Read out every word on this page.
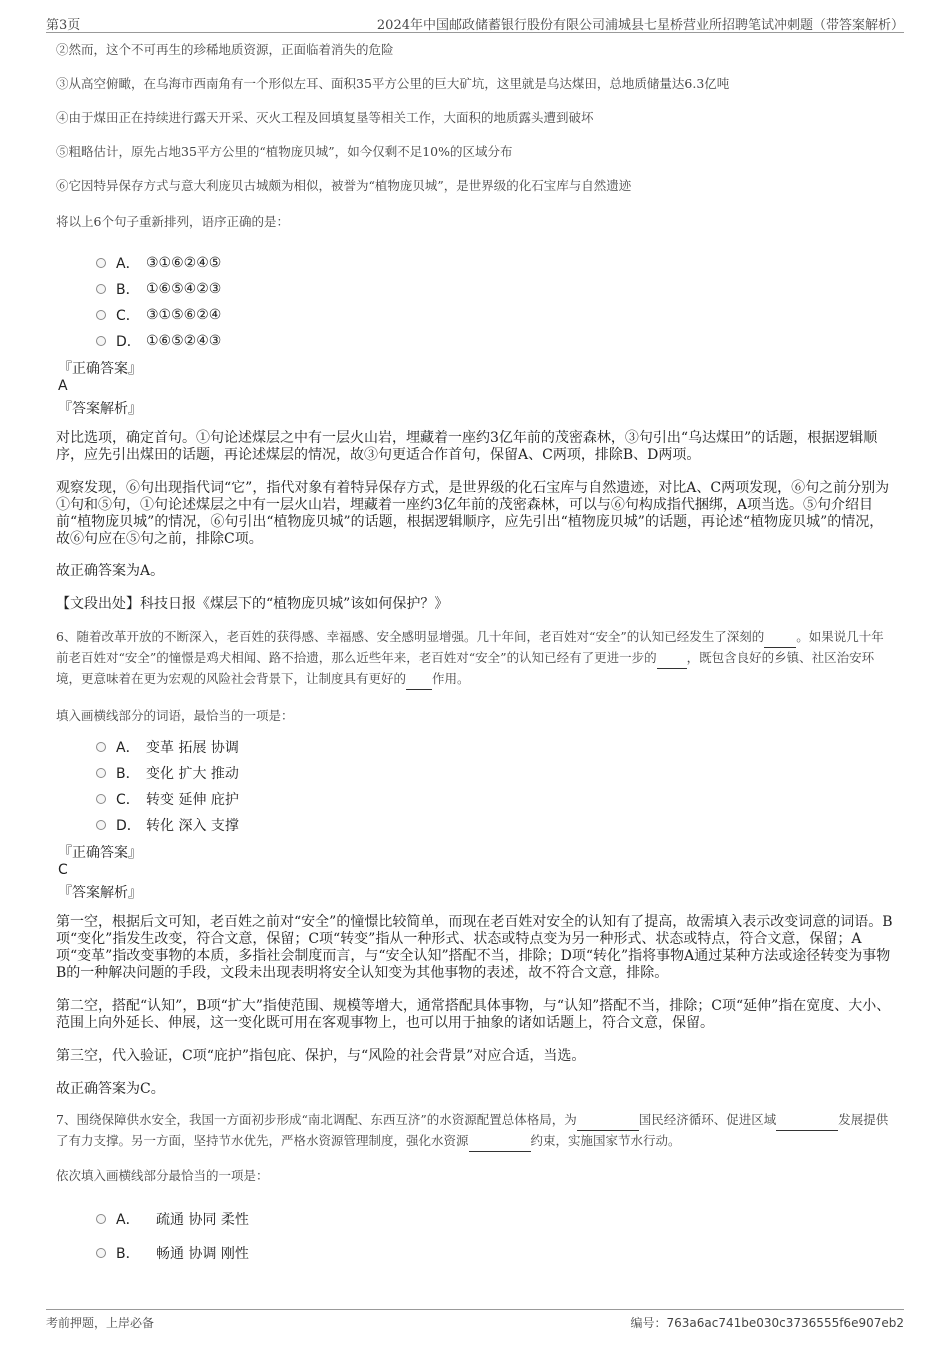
第3页	2024年中国邮政储蓄银行股份有限公司浦城县七星桥营业所招聘笔试冲刺题（带答案解析）
②然而，这个不可再生的珍稀地质资源，正面临着消失的危险
③从高空俯瞰，在乌海市西南角有一个形似左耳、面积35平方公里的巨大矿坑，这里就是乌达煤田，总地质储量达6.3亿吨
④由于煤田正在持续进行露天开采、灭火工程及回填复垦等相关工作，大面积的地质露头遭到破坏
⑤粗略估计，原先占地35平方公里的“植物庞贝城”，如今仅剩不足10%的区域分布
⑥它因特异保存方式与意大利庞贝古城颇为相似，被誉为“植物庞贝城”，是世界级的化石宝库与自然遗迹
将以上6个句子重新排列，语序正确的是：
A． ③①⑥②④⑤
B． ①⑥⑤④②③
C． ③①⑤⑥②④
D． ①⑥⑤②④③
『正确答案』
A
『答案解析』

对比选项，确定首句。①句论述煤层之中有一层火山岩，埋藏着一座约3亿年前的茂密森林，③句引出“乌达煤田”的话题，根据逻辑顺序，应先引出煤田的话题，再论述煤层的情况，故③句更适合作首句，保留A、C两项，排除B、D两项。

观察发现，⑥句出现指代词“它”，指代对象有着特异保存方式，是世界级的化石宝库与自然遗迹，对比A、C两项发现，⑥句之前分别为①句和⑤句，①句论述煤层之中有一层火山岩，埋藏着一座约3亿年前的茂密森林，可以与⑥句构成指代捆绑，A项当选。⑤句介绍目前“植物庞贝城”的情况，⑥句引出“植物庞贝城”的话题，根据逻辑顺序，应先引出“植物庞贝城”的话题，再论述“植物庞贝城”的情况，故⑥句应在⑤句之前，排除C项。

故正确答案为A。

【文段出处】科技日报《煤层下的“植物庞贝城”该如何保护？》

6、随着改革开放的不断深入，老百姓的获得感、幸福感、安全感明显增强。几十年间，老百姓对“安全”的认知已经发生了深刻的	。如果说几十年前老百姓对“安全”的憧憬是鸡犬相闻、路不拾遗，那么近些年来，老百姓对“安全”的认知已经有了更进一步的 ，既包含良好的乡镇、社区治安环境，更意味着在更为宏观的风险社会背景下，让制度具有更好的 作用。
填入画横线部分的词语，最恰当的一项是：
A． 变革 拓展 协调
B． 变化 扩大 推动
C． 转变 延伸 庇护
D． 转化 深入 支撑
『正确答案』
C
『答案解析』

第一空，根据后文可知，老百姓之前对“安全”的憧憬比较简单，而现在老百姓对安全的认知有了提高，故需填入表示改变词意的词语。B项“变化”指发生改变，符合文意，保留；C项“转变”指从一种形式、状态或特点变为另一种形式、状态或特点，符合文意，保留；A项“变革”指改变事物的本质，多指社会制度而言，与“安全认知”搭配不当，排除；D项“转化”指将事物A通过某种方法或途径转变为事物B的一种解决问题的手段，文段未出现表明将安全认知变为其他事物的表述，故不符合文意，排除。

第二空，搭配“认知”，B项“扩大”指使范围、规模等增大，通常搭配具体事物，与“认知”搭配不当，排除；C项“延伸”指在宽度、大小、范围上向外延长、伸展，这一变化既可用在客观事物上，也可以用于抽象的诸如话题上，符合文意，保留。

第三空，代入验证，C项“庇护”指包庇、保护，与“风险的社会背景”对应合适，当选。

故正确答案为C。

7、围绕保障供水安全，我国一方面初步形成“南北调配、东西互济”的水资源配置总体格局，为	国民经济循环、促进区域	发展提供了有力支撑。另一方面，坚持节水优先，严格水资源管理制度，强化水资源	约束，实施国家节水行动。
依次填入画横线部分最恰当的一项是：
A． 疏通 协同 柔性
B． 畅通 协调 刚性
考前押题，上岸必备	编号：763a6ac741be030c3736555f6e907eb2
